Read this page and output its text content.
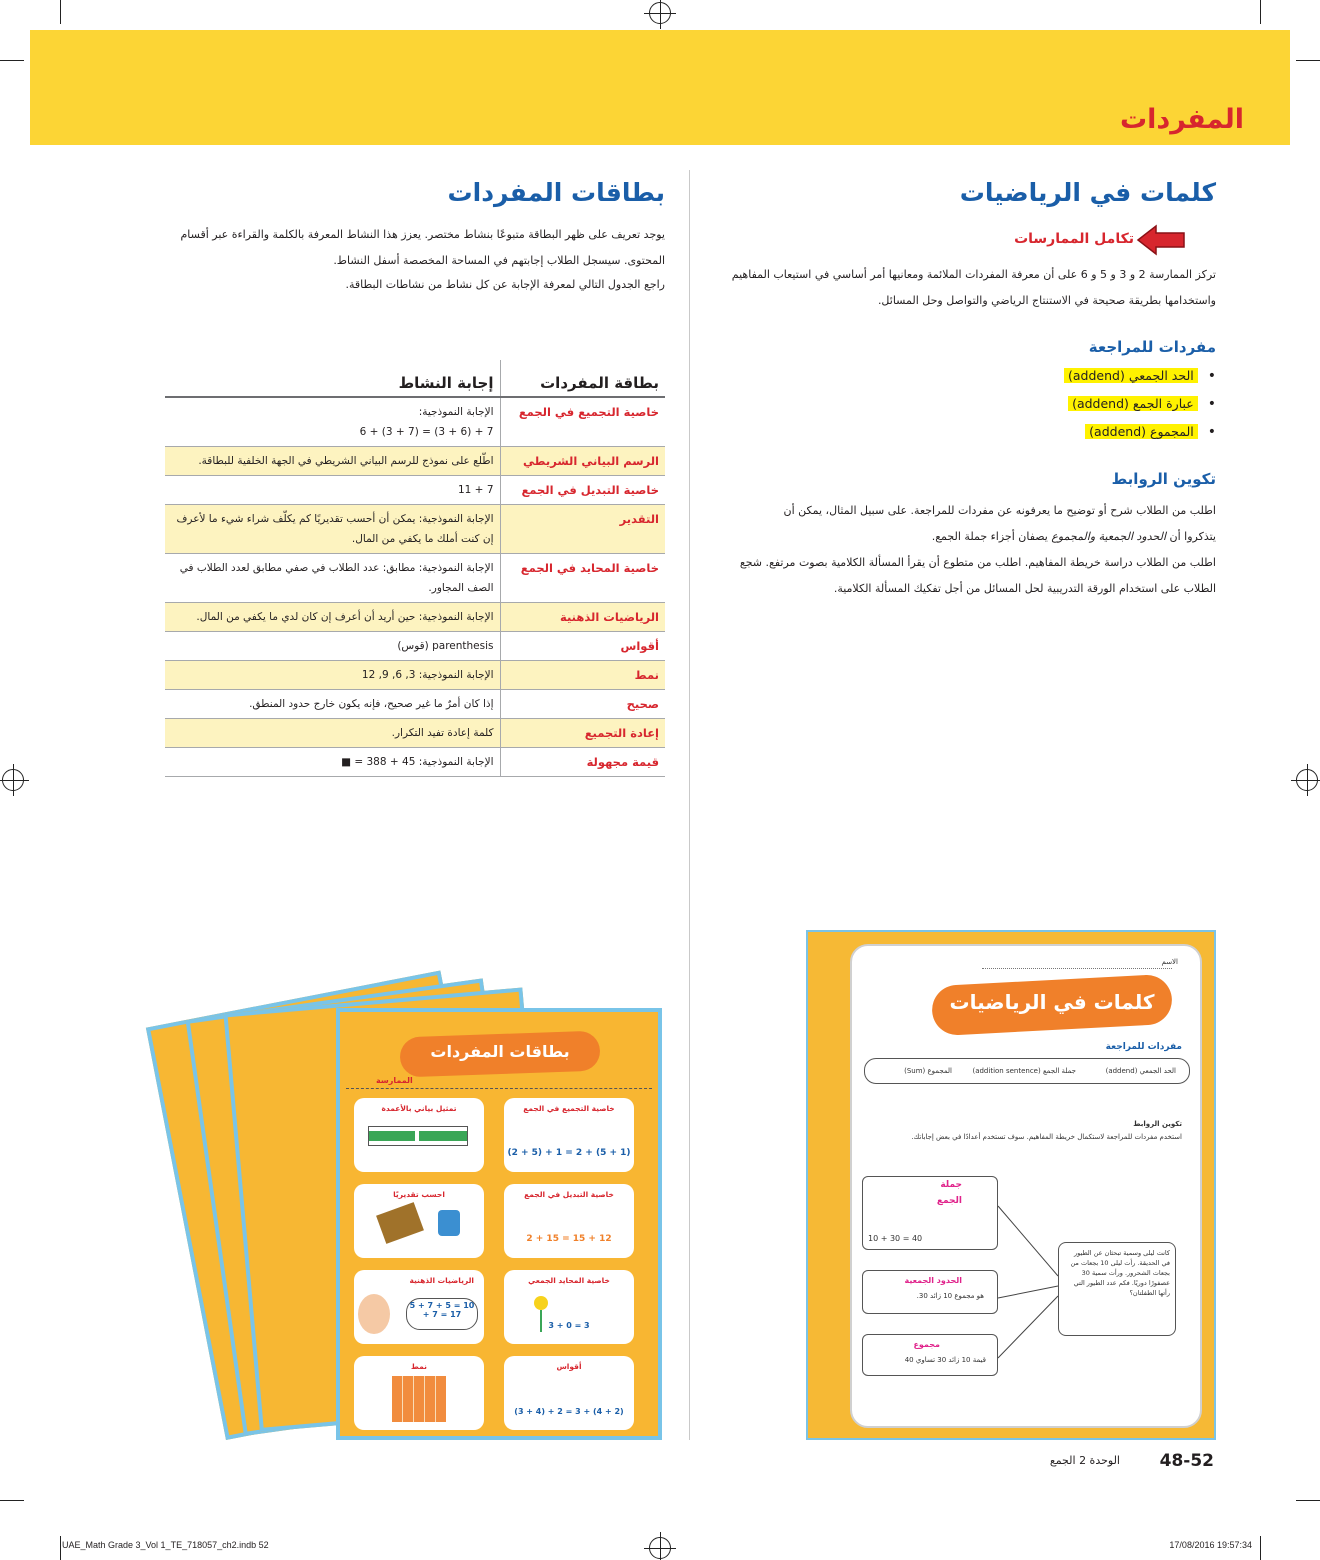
المفردات
كلمات في الرياضيات
تكامل الممارسات
تركز الممارسة 2 و 3 و 5 و 6 على أن معرفة المفردات الملائمة ومعانيها أمر أساسي في استيعاب المفاهيم واستخدامها بطريقة صحيحة في الاستنتاج الرياضي والتواصل وحل المسائل.
مفردات للمراجعة
•الحد الجمعي (addend)
•عبارة الجمع (addend)
•المجموع (addend)
تكوين الروابط
اطلب من الطلاب شرح أو توضيح ما يعرفونه عن مفردات للمراجعة. على سبيل المثال، يمكن أن
يتذكروا أن الحدود الجمعية والمجموع يصفان أجزاء جملة الجمع.
اطلب من الطلاب دراسة خريطة المفاهيم. اطلب من متطوع أن يقرأ المسألة الكلامية بصوت مرتفع. شجع الطلاب على استخدام الورقة التدريبية لحل المسائل من أجل تفكيك المسألة الكلامية.
بطاقات المفردات
يوجد تعريف على ظهر البطاقة متبوعًا بنشاط مختصر. يعزز هذا النشاط المعرفة بالكلمة والقراءة عبر أقسام المحتوى. سيسجل الطلاب إجابتهم في المساحة المخصصة أسفل النشاط.
راجع الجدول التالي لمعرفة الإجابة عن كل نشاط من نشاطات البطاقة.
بطاقة المفردات	إجابة النشاط
خاصية التجميع في الجمع	الإجابة النموذجية:
6 + (3 + 7) = (3 + 6) + 7

الرسم البياني الشريطي	اطّلع على نموذج للرسم البياني الشريطي في الجهة الخلفية للبطاقة.
خاصية التبديل في الجمع	11 + 7
التقدير	الإجابة النموذجية: يمكن أن أحسب تقديريًا كم يكلّف شراء شيء ما لأعرف إن كنت أملك ما يكفي من المال.
خاصية المحايد في الجمع	الإجابة النموذجية: مطابق: عدد الطلاب في صفي مطابق لعدد الطلاب في الصف المجاور.
الرياضيات الذهنية	الإجابة النموذجية: حين أريد أن أعرف إن كان لدي ما يكفي من المال.
أقواس	parenthesis (قوس)
نمط	الإجابة النموذجية: 3, 6, 9, 12
صحيح	إذا كان أمرٌ ما غير صحيح، فإنه يكون خارج حدود المنطق.
إعادة التجميع	كلمة إعادة تفيد التكرار.
قيمة مجهولة	الإجابة النموذجية: 45 + 388 = ■
بطاقات المفردات
الممارسة
خاصية التجميع في الجمع
(2 + 5) + 1 = 2 + (5 + 1)
تمثيل بياني بالأعمدة
خاصية التبديل في الجمع
2 + 15 = 15 + 12
احسب تقديريًا
خاصية المحايد الجمعي
3 + 0 = 3
الرياضيات الذهنية
5 + 7 + 5 = 10 + 7 = 17
أقواس
(3 + 4) + 2 = 3 + (4 + 2)
نمط
الاسم
كلمات في الرياضيات
مفردات للمراجعة
الحد الجمعي (addend)
جملة الجمع (addition sentence)
المجموع (Sum)
تكوين الروابط
استخدم مفردات للمراجعة لاستكمال خريطة المفاهيم. سوف تستخدم أعدادًا في بعض إجاباتك.
جملة
الجمع
10 + 30 = 40
الحدود الجمعية
هو مجموع 10 زائد 30.
مجموع
قيمة 10 زائد 30 تساوي 40
كانت ليلى وسمية تبحثان عن الطيور في الحديقة. رأت ليلى 10 بجعات من بجعات الشحرور. ورأت سمية 30 عصفورًا دوريًا. فكم عدد الطيور التي رأتها الطفلتان؟
48-52
الوحدة 2 الجمع
UAE_Math Grade 3_Vol 1_TE_718057_ch2.indb 52	17/08/2016 19:57:34
